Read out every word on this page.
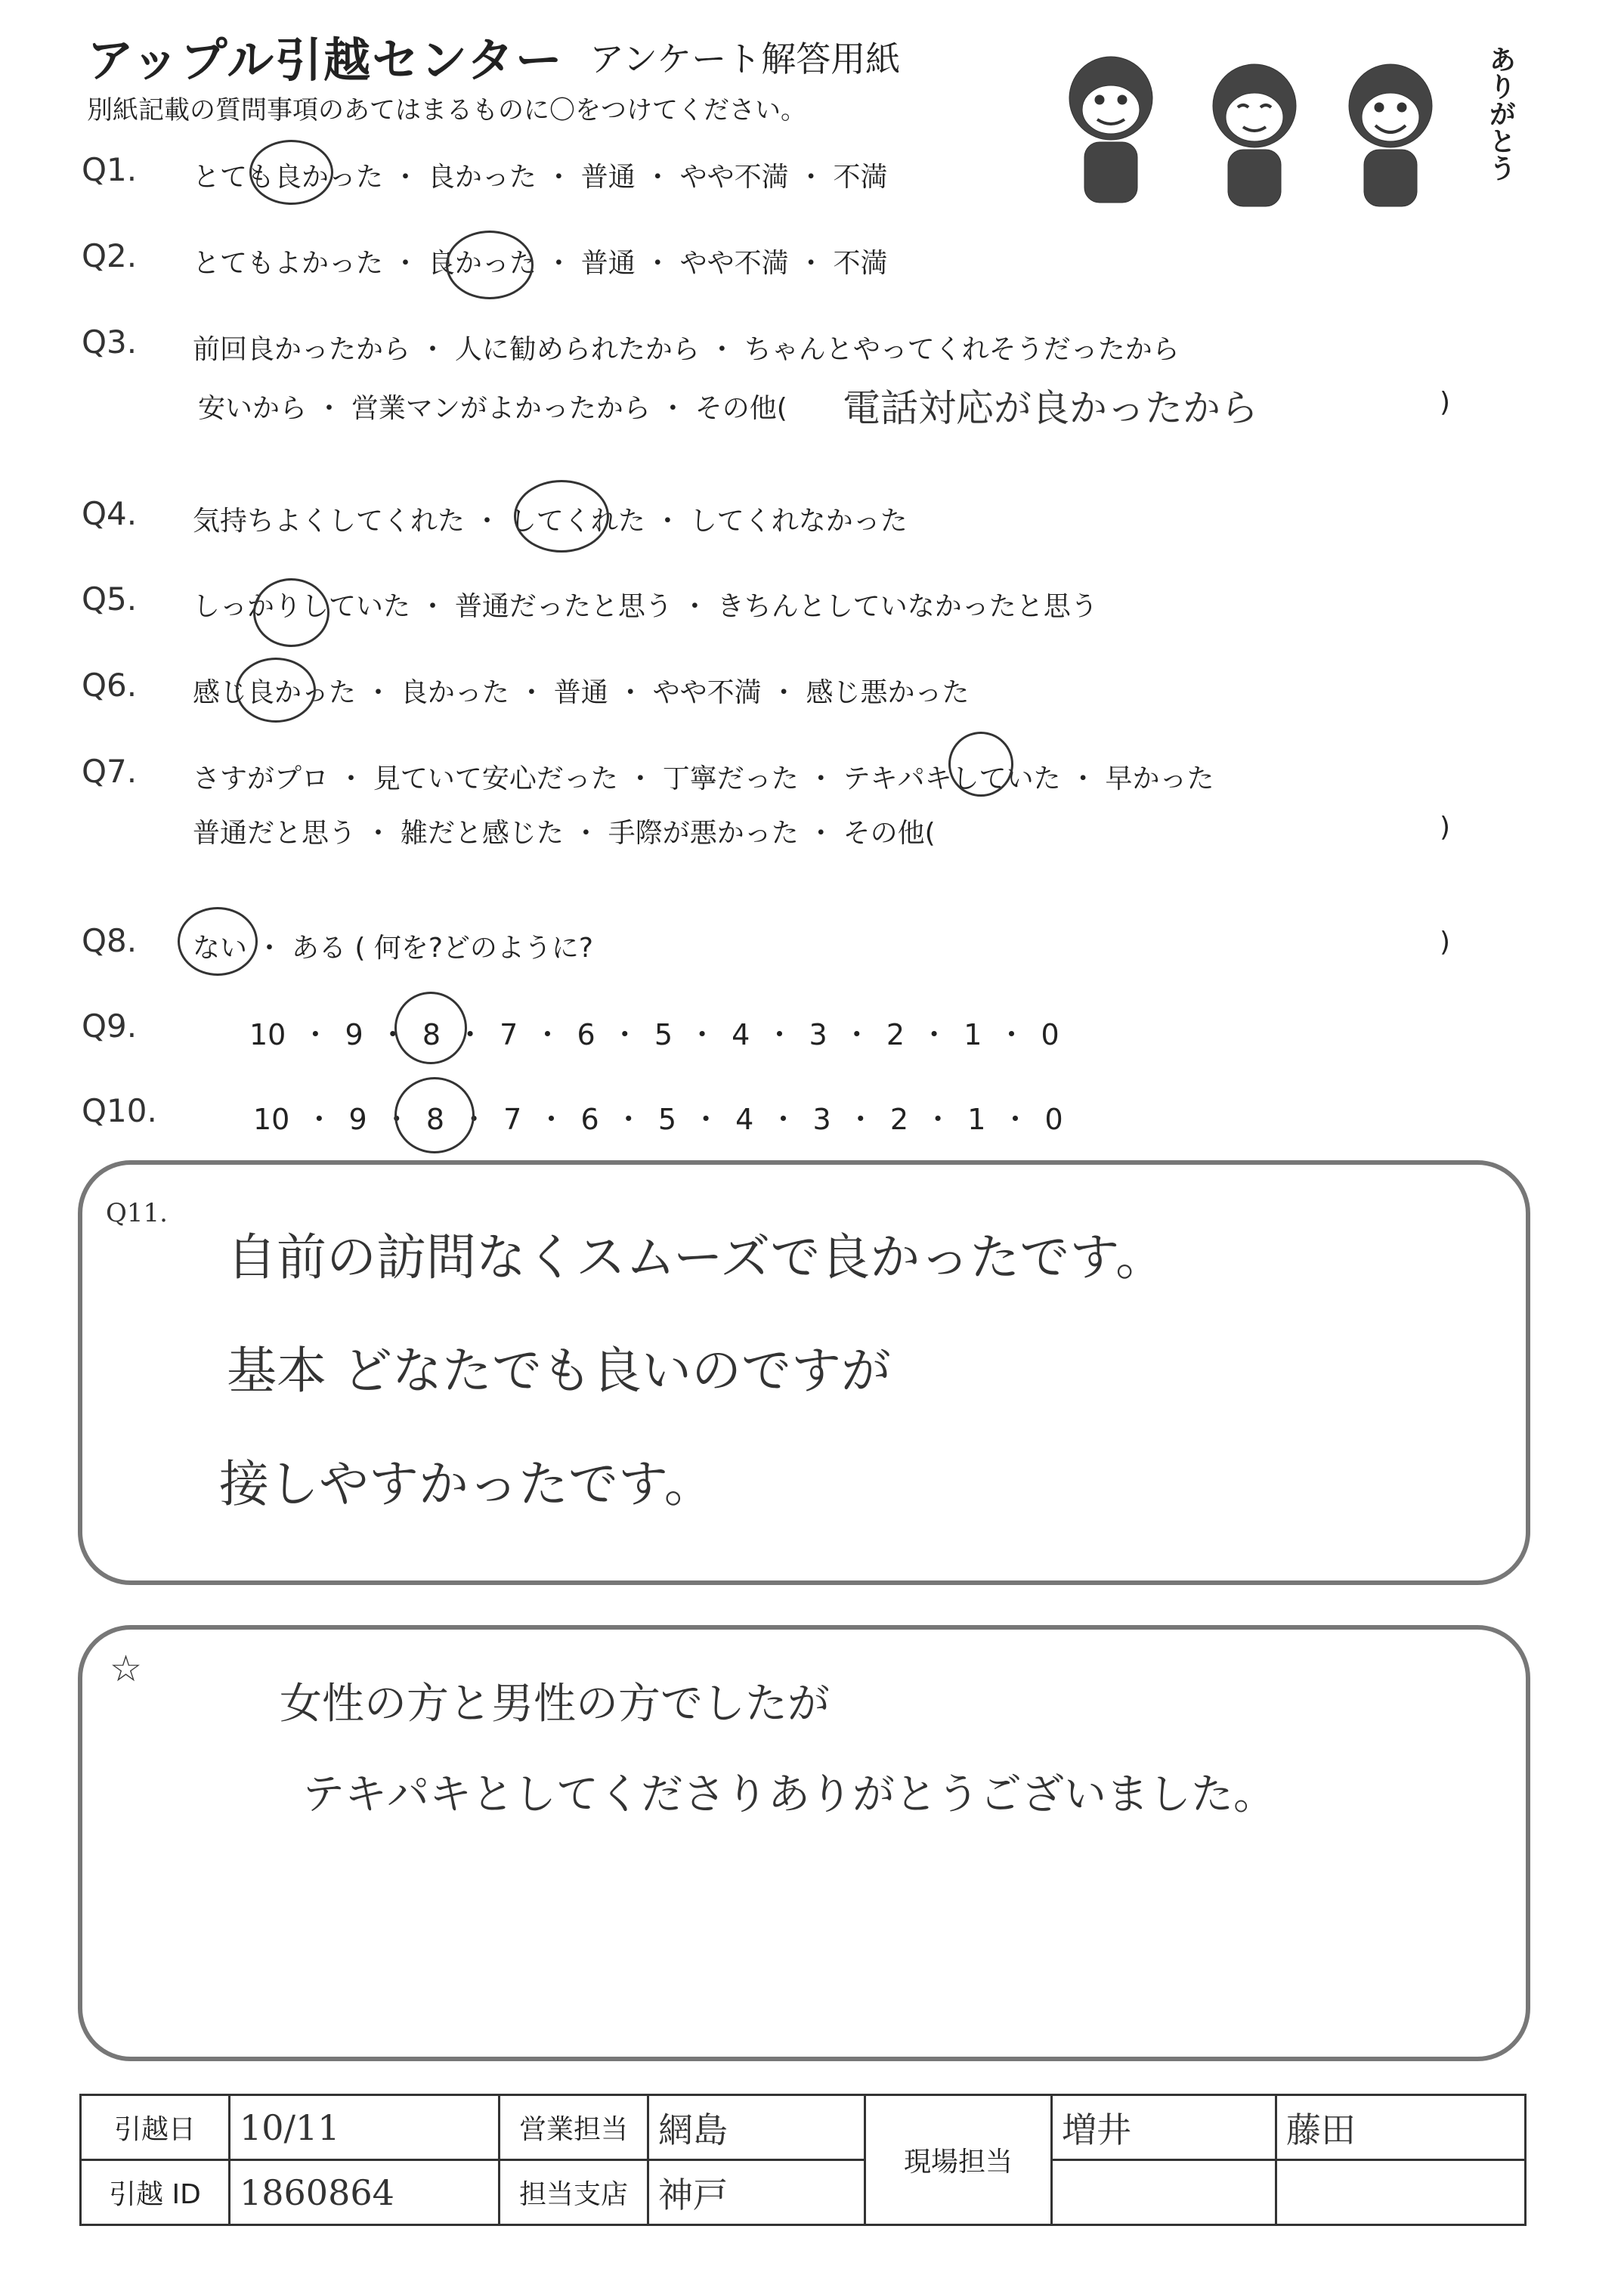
アップル引越センター アンケート解答用紙
別紙記載の質問事項のあてはまるものに〇をつけてください。	ありがとう
Q1. とても良かった ・ 良かった ・ 普通 ・ やや不満 ・ 不満
Q2. とてもよかった ・ 良かった ・ 普通 ・ やや不満 ・ 不満
Q3. 前回良かったから ・ 人に勧められたから ・ ちゃんとやってくれそうだったから
安いから ・ 営業マンがよかったから ・ その他( 電話対応が良かったから	)
Q4. 気持ちよくしてくれた ・ してくれた ・ してくれなかった
Q5. しっかりしていた ・ 普通だったと思う ・ きちんとしていなかったと思う
Q6. 感じ良かった ・ 良かった ・ 普通 ・ やや不満 ・ 感じ悪かった
Q7. さすがプロ ・ 見ていて安心だった ・ 丁寧だった ・ テキパキしていた ・ 早かった
普通だと思う ・ 雑だと感じた ・ 手際が悪かった ・ その他(	)
Q8. ない ・ ある ( 何を?どのように?	)
Q9.	10 ・ 9 ・ 8 ・ 7 ・ 6 ・ 5 ・ 4 ・ 3 ・ 2 ・ 1 ・ 0
Q10.	10 ・ 9 ・ 8 ・ 7 ・ 6 ・ 5 ・ 4 ・ 3 ・ 2 ・ 1 ・ 0
Q11.
自前の訪問なくスムーズで良かったです。
基本 どなたでも良いのですが
接しやすかったです。
☆
女性の方と男性の方でしたが
テキパキとしてくださりありがとうございました。
引越日	10/11	営業担当	網島	現場担当	増井	藤田
引越 ID	1860864	担当支店	神戸			
